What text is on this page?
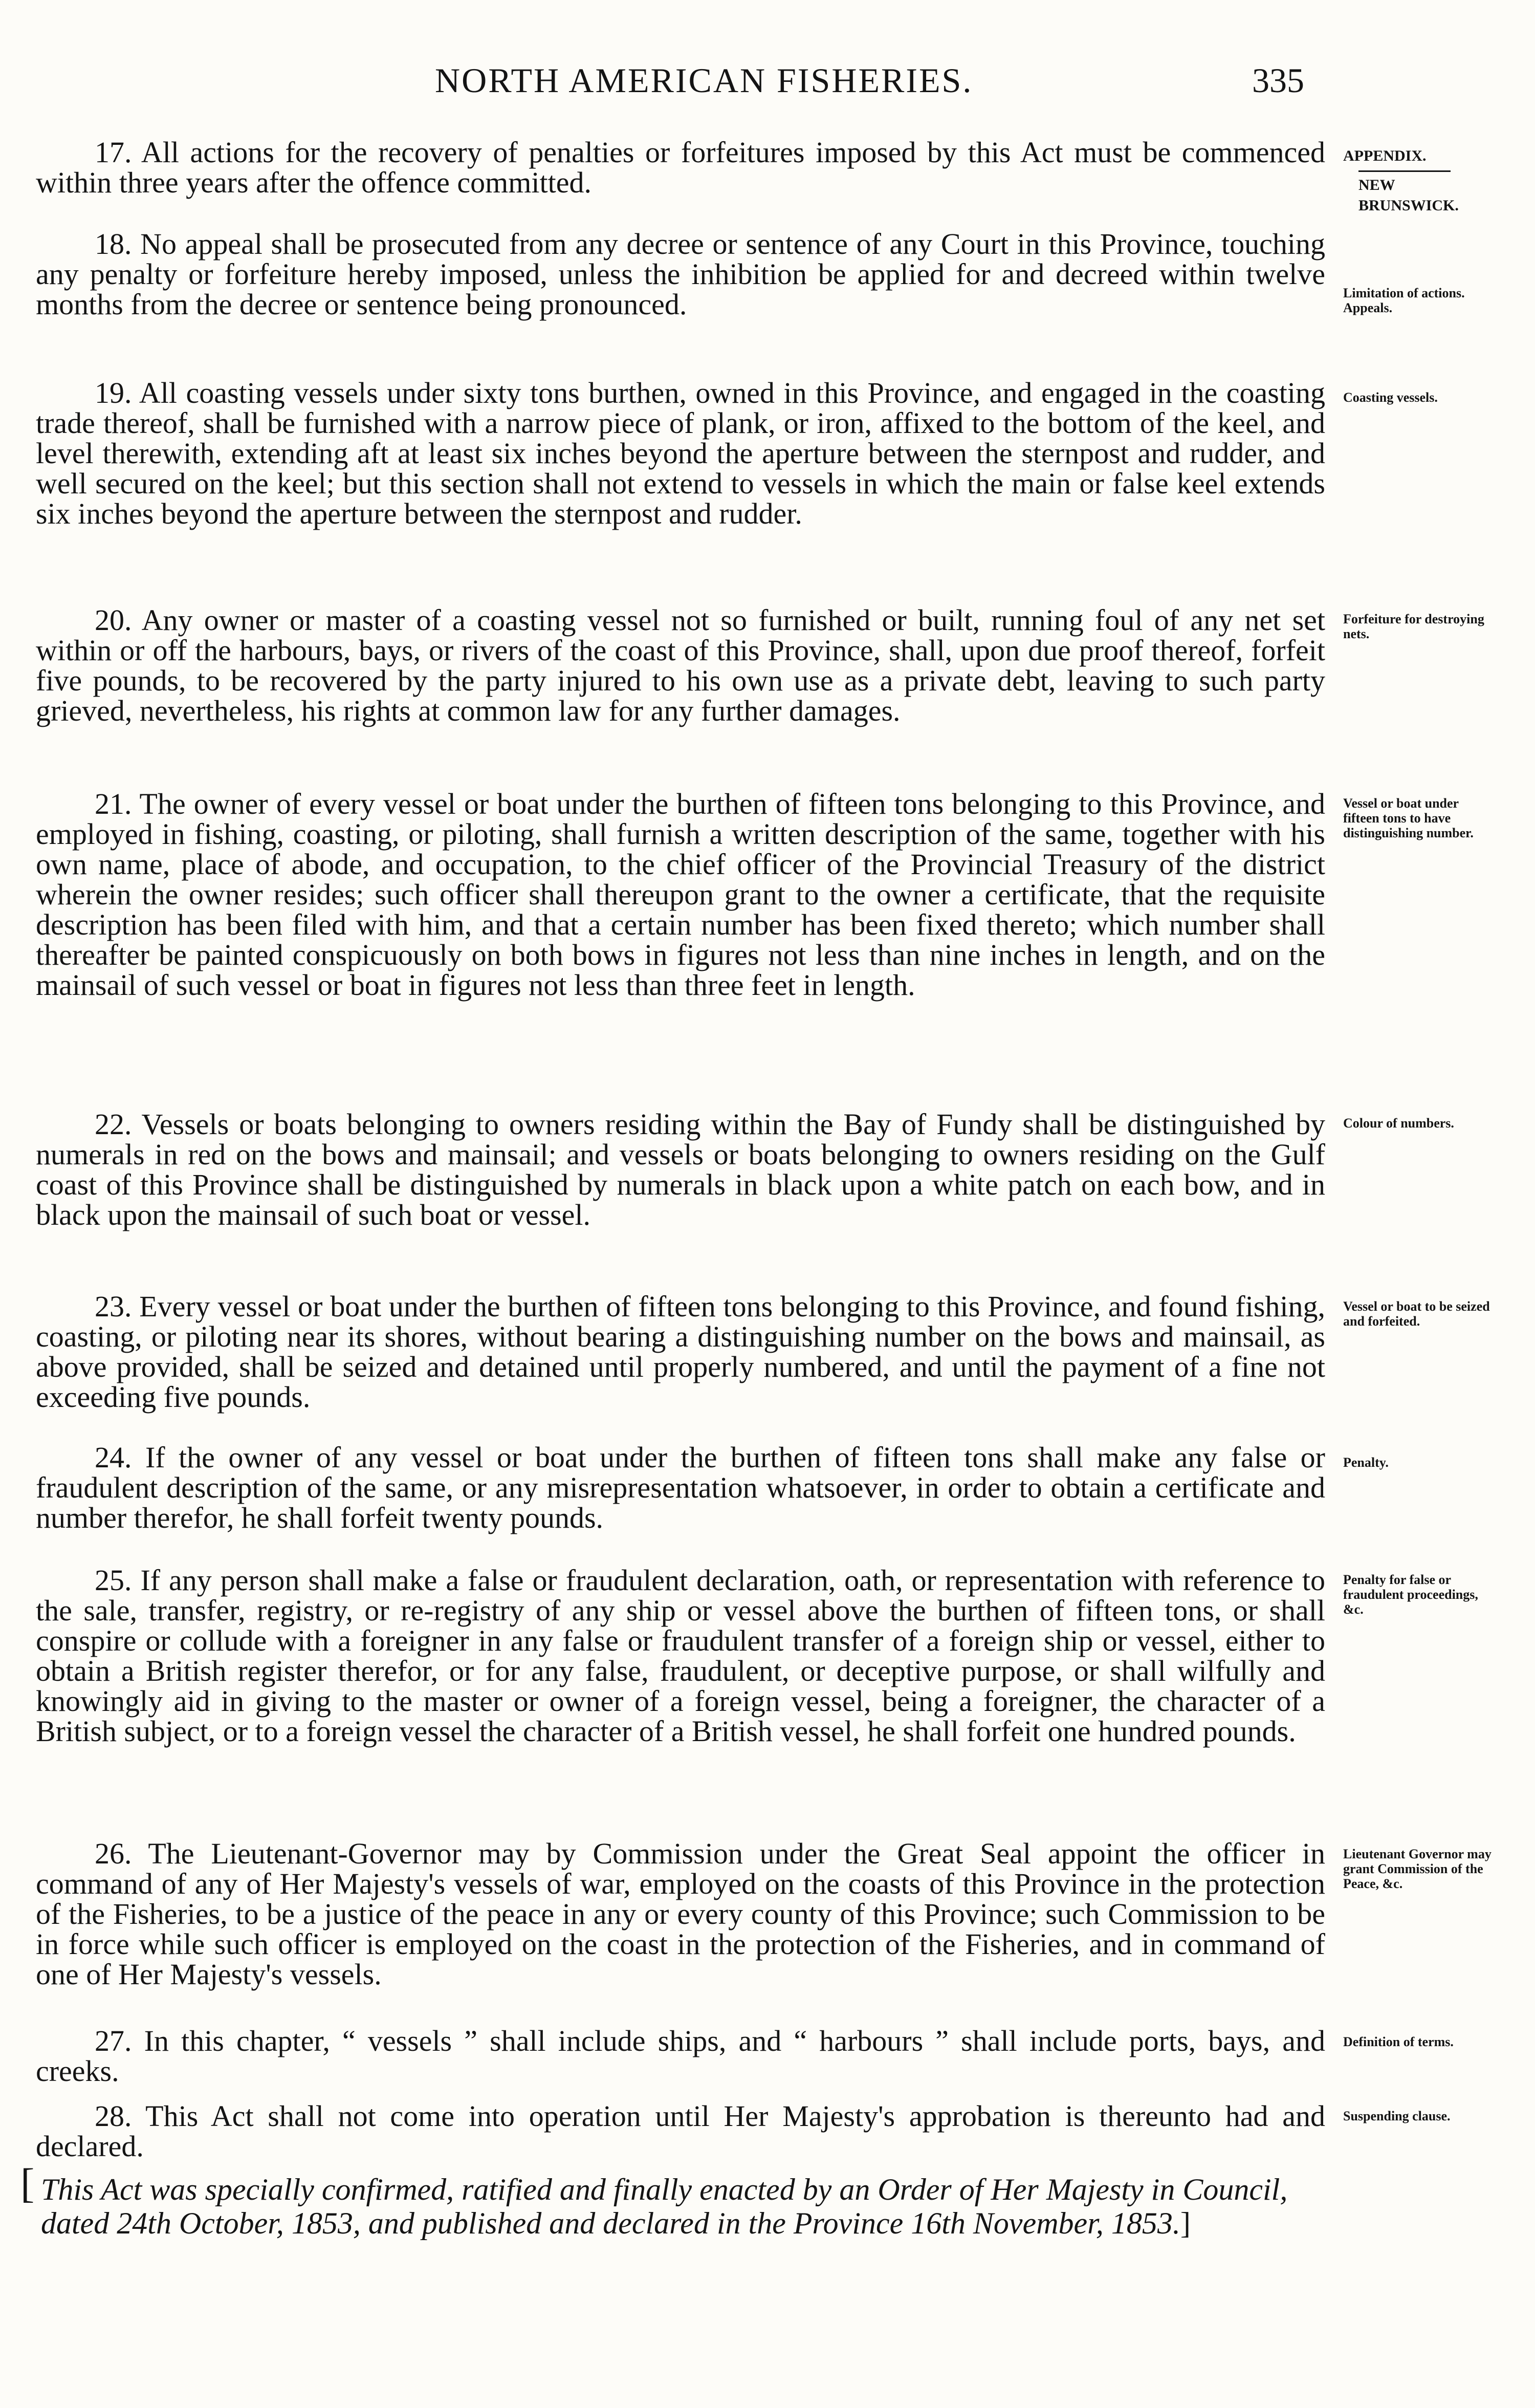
NORTH AMERICAN FISHERIES.	335

17. All actions for the recovery of penalties or forfeitures imposed by this Act must be commenced within three years after the offence committed.

APPENDIX.
NEW BRUNSWICK.

18. No appeal shall be prosecuted from any decree or sentence of any Court in this Province, touching any penalty or forfeiture hereby imposed, unless the inhibition be applied for and decreed within twelve months from the decree or sentence being pronounced.	Limitation of actions. Appeals.

19. All coasting vessels under sixty tons burthen, owned in this Province, and engaged in the coasting trade thereof, shall be furnished with a narrow piece of plank, or iron, affixed to the bottom of the keel, and level therewith, extending aft at least six inches beyond the aperture between the sternpost and rudder, and well secured on the keel; but this section shall not extend to vessels in which the main or false keel extends six inches beyond the aperture between the sternpost and rudder.

Coasting vessels.

20. Any owner or master of a coasting vessel not so furnished or built, running foul of any net set within or off the harbours, bays, or rivers of the coast of this Province, shall, upon due proof thereof, forfeit five pounds, to be recovered by the party injured to his own use as a private debt, leaving to such party grieved, nevertheless, his rights at common law for any further damages.

Forfeiture for destroying nets.

21. The owner of every vessel or boat under the burthen of fifteen tons belonging to this Province, and employed in fishing, coasting, or piloting, shall furnish a written description of the same, together with his own name, place of abode, and occupation, to the chief officer of the Provincial Treasury of the district wherein the owner resides; such officer shall thereupon grant to the owner a certificate, that the requisite description has been filed with him, and that a certain number has been fixed thereto; which number shall thereafter be painted conspicuously on both bows in figures not less than nine inches in length, and on the mainsail of such vessel or boat in figures not less than three feet in length.

Vessel or boat under fifteen tons to have distinguishing number.

22. Vessels or boats belonging to owners residing within the Bay of Fundy shall be distinguished by numerals in red on the bows and mainsail; and vessels or boats belonging to owners residing on the Gulf coast of this Province shall be distinguished by numerals in black upon a white patch on each bow, and in black upon the mainsail of such boat or vessel.

Colour of numbers.

23. Every vessel or boat under the burthen of fifteen tons belonging to this Province, and found fishing, coasting, or piloting near its shores, without bearing a distinguishing number on the bows and mainsail, as above provided, shall be seized and detained until properly numbered, and until the payment of a fine not exceeding five pounds.

Vessel or boat to be seized and forfeited.

24. If the owner of any vessel or boat under the burthen of fifteen tons shall make any false or fraudulent description of the same, or any misrepresentation whatsoever, in order to obtain a certificate and number therefor, he shall forfeit twenty pounds.

Penalty.

25. If any person shall make a false or fraudulent declaration, oath, or representation with reference to the sale, transfer, registry, or re-registry of any ship or vessel above the burthen of fifteen tons, or shall conspire or collude with a foreigner in any false or fraudulent transfer of a foreign ship or vessel, either to obtain a British register therefor, or for any false, fraudulent, or deceptive purpose, or shall wilfully and knowingly aid in giving to the master or owner of a foreign vessel, being a foreigner, the character of a British subject, or to a foreign vessel the character of a British vessel, he shall forfeit one hundred pounds.

Penalty for false or fraudulent proceedings, &c.

26. The Lieutenant-Governor may by Commission under the Great Seal appoint the officer in command of any of Her Majesty's vessels of war, employed on the coasts of this Province in the protection of the Fisheries, to be a justice of the peace in any or every county of this Province; such Commission to be in force while such officer is employed on the coast in the protection of the Fisheries, and in command of one of Her Majesty's vessels.

Lieutenant Governor may grant Commission of the Peace, &c.

27. In this chapter, “ vessels ” shall include ships, and “ harbours ” shall include ports, bays, and creeks.

Definition of terms.

28. This Act shall not come into operation until Her Majesty's approbation is thereunto had and declared.

Suspending clause.

[ This Act was specially confirmed, ratified and finally enacted by an Order of Her Majesty in Council, dated 24th October, 1853, and published and declared in the Province 16th November, 1853.]
